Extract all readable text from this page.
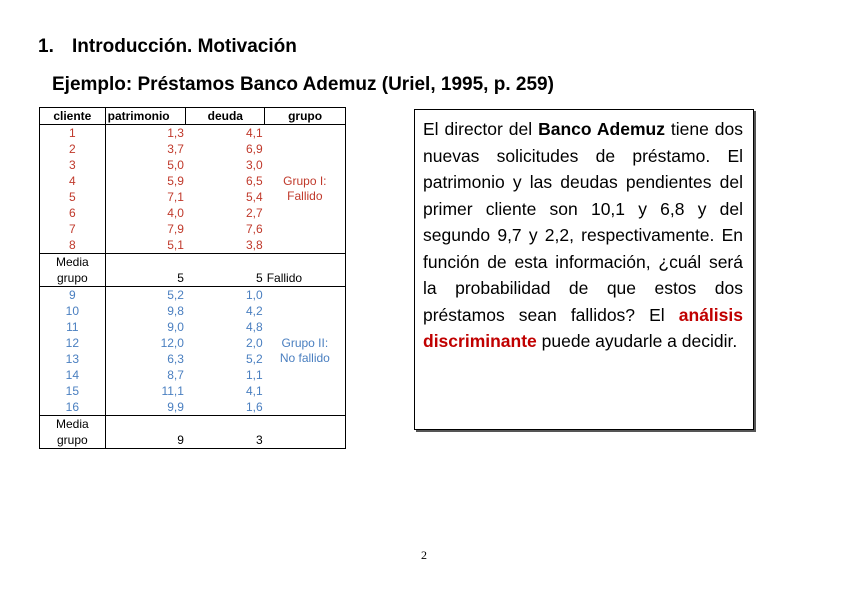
1. Introducción. Motivación
Ejemplo: Préstamos Banco Ademuz (Uriel, 1995, p. 259)
cliente	patrimonio	deuda	grupo
1	1,3	4,1	Grupo I:
Fallido

2	3,7	6,9	
3	5,0	3,0	
4	5,9	6,5	
5	7,1	5,4	
6	4,0	2,7	
7	7,9	7,6	
8	5,1	3,8	
Media			
grupo	5	5	Fallido
9	5,2	1,0	Grupo II:
No fallido

10	9,8	4,2	
11	9,0	4,8	
12	12,0	2,0	
13	6,3	5,2	
14	8,7	1,1	
15	11,1	4,1	
16	9,9	1,6	
Media			
grupo	9	3	
El director del Banco Ademuz tiene dos nuevas solicitudes de préstamo. El patrimonio y las deudas pendientes del primer cliente son 10,1 y 6,8 y del segundo 9,7 y 2,2, respectivamente. En función de esta información, ¿cuál será la probabilidad de que estos dos préstamos sean fallidos? El análisis discriminante puede ayudarle a decidir.
2
